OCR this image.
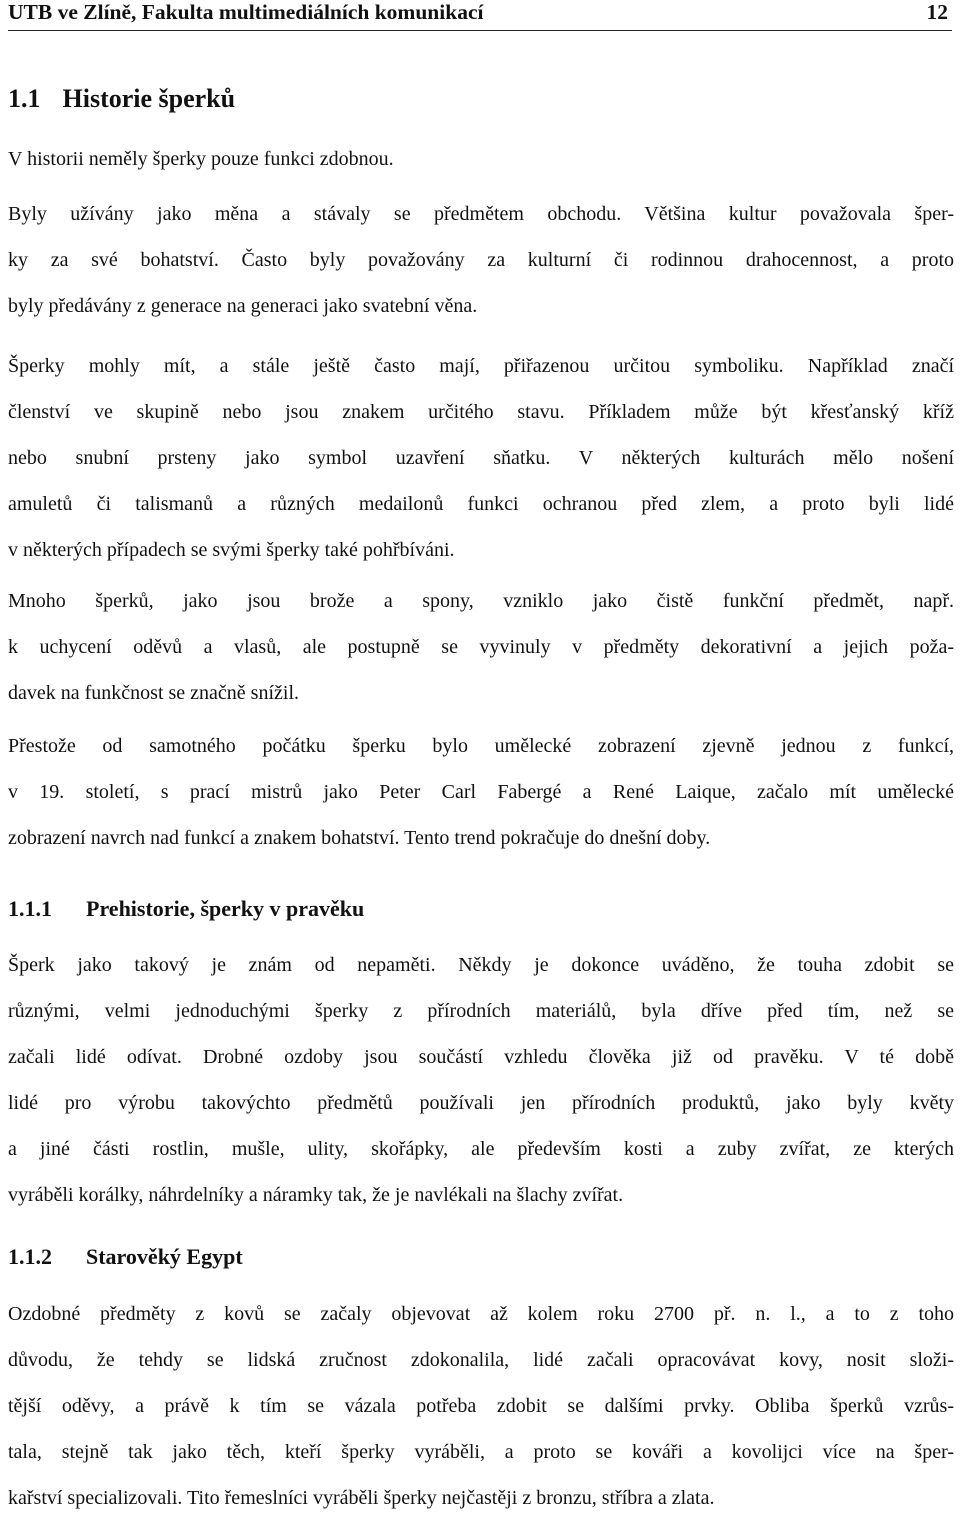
UTB ve Zlíně, Fakulta multimediálních komunikací	12
1.1 Historie šperků
V historii neměly šperky pouze funkci zdobnou.
Byly užívány jako měna a stávaly se předmětem obchodu. Většina kultur považovala šper-
ky za své bohatství. Často byly považovány za kulturní či rodinnou drahocennost, a proto
byly předávány z generace na generaci jako svatební věna.
Šperky mohly mít, a stále ještě často mají, přiřazenou určitou symboliku. Například značí
členství ve skupině nebo jsou znakem určitého stavu. Příkladem může být křesťanský kříž
nebo snubní prsteny jako symbol uzavření sňatku. V některých kulturách mělo nošení
amuletů či talismanů a různých medailonů funkci ochranou před zlem, a proto byli lidé
v některých případech se svými šperky také pohřbíváni.
Mnoho šperků, jako jsou brože a spony, vzniklo jako čistě funkční předmět, např.
k uchycení oděvů a vlasů, ale postupně se vyvinuly v předměty dekorativní a jejich poža-
davek na funkčnost se značně snížil.
Přestože od samotného počátku šperku bylo umělecké zobrazení zjevně jednou z funkcí,
v 19. století, s prací mistrů jako Peter Carl Fabergé a René Laique, začalo mít umělecké
zobrazení navrch nad funkcí a znakem bohatství. Tento trend pokračuje do dnešní doby.
1.1.1 Prehistorie, šperky v pravěku
Šperk jako takový je znám od nepaměti. Někdy je dokonce uváděno, že touha zdobit se
různými, velmi jednoduchými šperky z přírodních materiálů, byla dříve před tím, než se
začali lidé odívat. Drobné ozdoby jsou součástí vzhledu člověka již od pravěku. V té době
lidé pro výrobu takovýchto předmětů používali jen přírodních produktů, jako byly květy
a jiné části rostlin, mušle, ulity, skořápky, ale především kosti a zuby zvířat, ze kterých
vyráběli korálky, náhrdelníky a náramky tak, že je navlékali na šlachy zvířat.
1.1.2 Starověký Egypt
Ozdobné předměty z kovů se začaly objevovat až kolem roku 2700 př. n. l., a to z toho
důvodu, že tehdy se lidská zručnost zdokonalila, lidé začali opracovávat kovy, nosit složi-
tější oděvy, a právě k tím se vázala potřeba zdobit se dalšími prvky. Obliba šperků vzrůs-
tala, stejně tak jako těch, kteří šperky vyráběli, a proto se kováři a kovolijci více na šper-
kařství specializovali. Tito řemeslníci vyráběli šperky nejčastěji z bronzu, stříbra a zlata.
